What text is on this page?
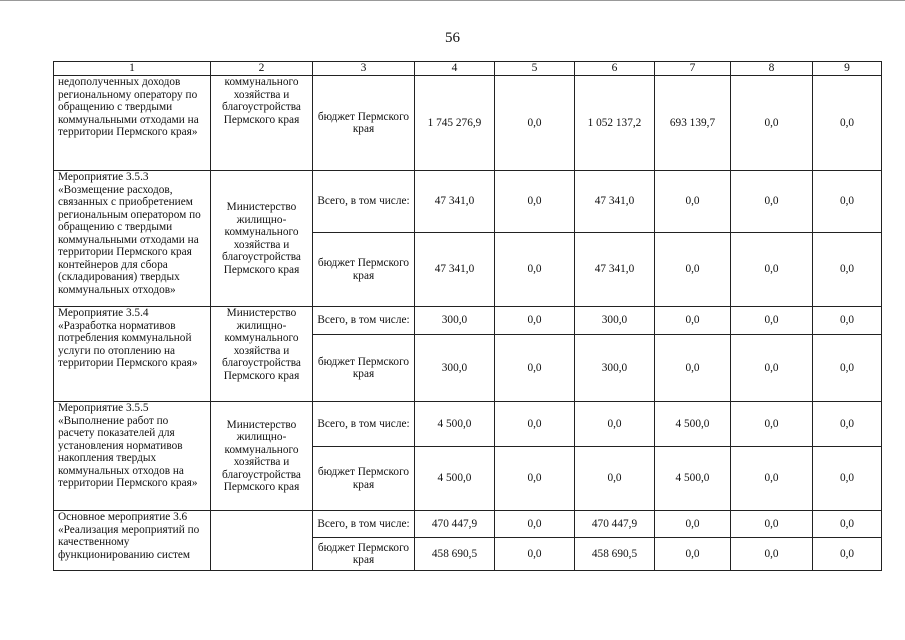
56
1	2	3	4	5	6	7	8	9
недополученных доходов региональному оператору по обращению с твердыми коммунальными отходами на территории Пермского края»	коммунального хозяйства и благоустройства Пермского края	бюджет Пермского края	1 745 276,9	0,0	1 052 137,2	693 139,7	0,0	0,0
Мероприятие 3.5.3 «Возмещение расходов, связанных с приобретением региональным оператором по обращению с твердыми коммунальными отходами на территории Пермского края контейнеров для сбора (складирования) твердых коммунальных отходов»	Министерство жилищно-коммунального хозяйства и благоустройства Пермского края	Всего, в том числе:	47 341,0	0,0	47 341,0	0,0	0,0	0,0
		бюджет Пермского края	47 341,0	0,0	47 341,0	0,0	0,0	0,0
Мероприятие 3.5.4 «Разработка нормативов потребления коммунальной услуги по отоплению на территории Пермского края»	Министерство жилищно-коммунального хозяйства и благоустройства Пермского края	Всего, в том числе:	300,0	0,0	300,0	0,0	0,0	0,0
		бюджет Пермского края	300,0	0,0	300,0	0,0	0,0	0,0
Мероприятие 3.5.5 «Выполнение работ по расчету показателей для установления нормативов накопления твердых коммунальных отходов на территории Пермского края»	Министерство жилищно-коммунального хозяйства и благоустройства Пермского края	Всего, в том числе:	4 500,0	0,0	0,0	4 500,0	0,0	0,0
		бюджет Пермского края	4 500,0	0,0	0,0	4 500,0	0,0	0,0
Основное мероприятие 3.6 «Реализация мероприятий по качественному функционированию систем		Всего, в том числе:	470 447,9	0,0	470 447,9	0,0	0,0	0,0
		бюджет Пермского края	458 690,5	0,0	458 690,5	0,0	0,0	0,0
